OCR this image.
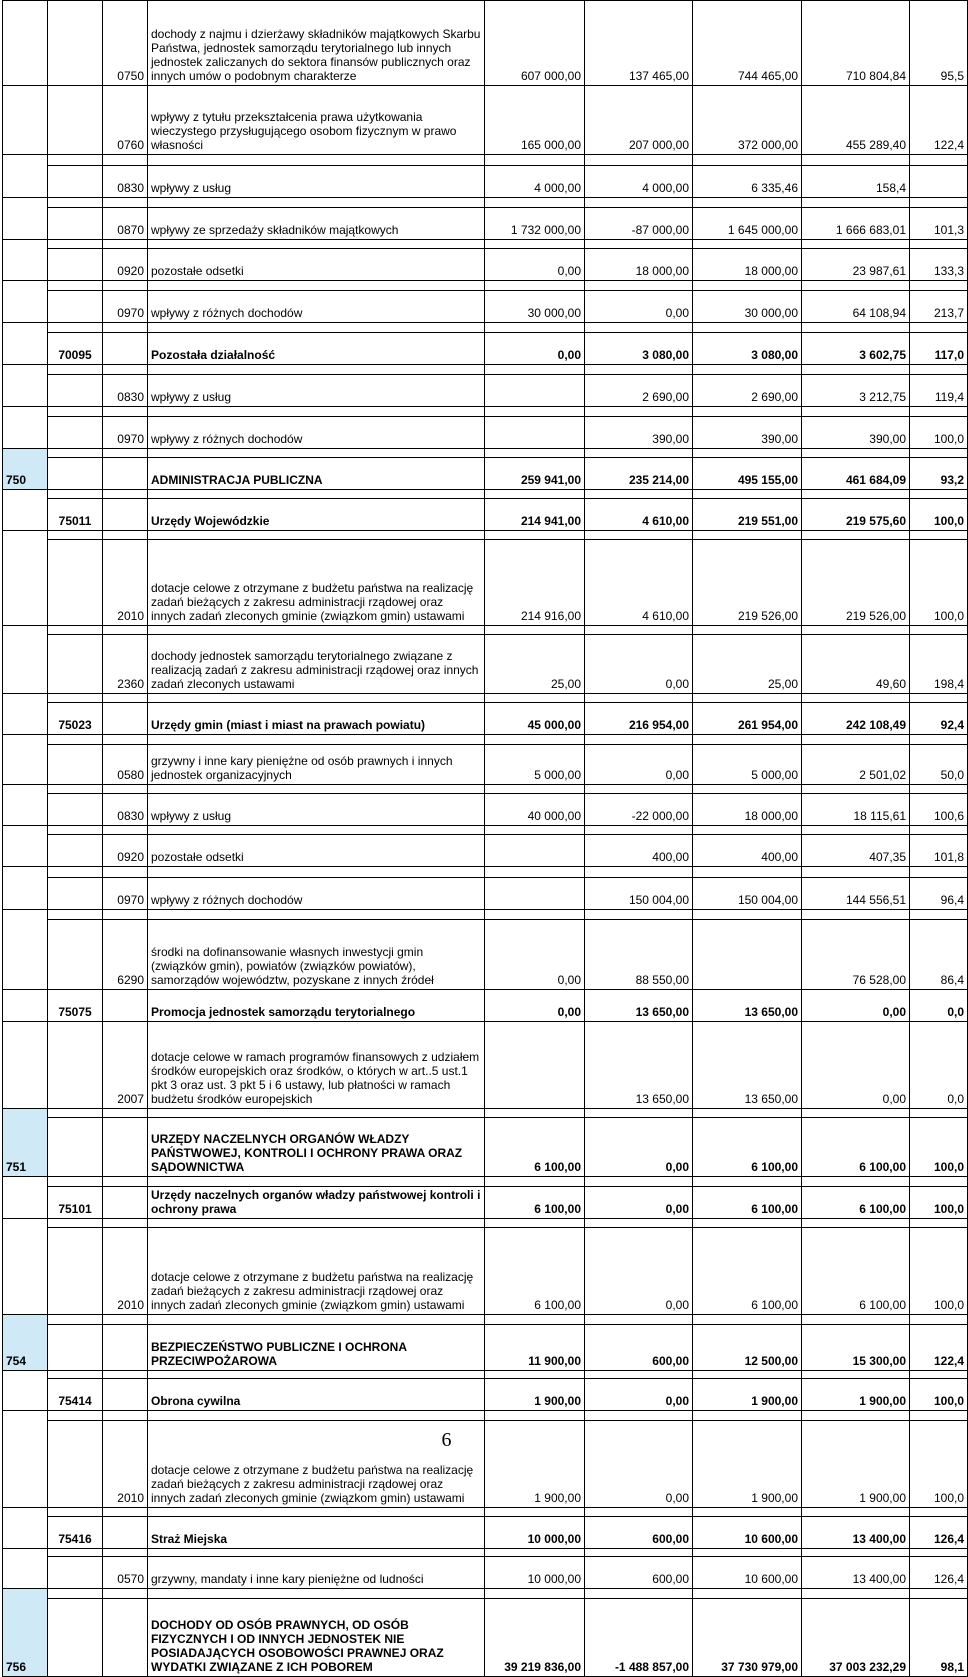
		0750	dochody z najmu i dzierżawy składników majątkowych Skarbu Państwa, jednostek samorządu terytorialnego lub innych jednostek zaliczanych do sektora finansów publicznych oraz innych umów o podobnym charakterze	607 000,00	137 465,00	744 465,00	710 804,84	95,5
		0760	wpływy z tytułu przekształcenia prawa użytkowania wieczystego przysługującego osobom fizycznym w prawo własności	165 000,00	207 000,00	372 000,00	455 289,40	122,4

		0830	wpływy z usług	4 000,00	4 000,00	6 335,46	158,4	

		0870	wpływy ze sprzedaży składników majątkowych	1 732 000,00	-87 000,00	1 645 000,00	1 666 683,01	101,3

		0920	pozostałe odsetki	0,00	18 000,00	18 000,00	23 987,61	133,3

		0970	wpływy z różnych dochodów	30 000,00	0,00	30 000,00	64 108,94	213,7

	70095		Pozostała działalność	0,00	3 080,00	3 080,00	3 602,75	117,0

		0830	wpływy z usług		2 690,00	2 690,00	3 212,75	119,4

		0970	wpływy z różnych dochodów		390,00	390,00	390,00	100,0

750			ADMINISTRACJA PUBLICZNA	259 941,00	235 214,00	495 155,00	461 684,09	93,2

	75011		Urzędy Wojewódzkie	214 941,00	4 610,00	219 551,00	219 575,60	100,0

		2010	dotacje celowe z otrzymane z budżetu państwa na realizację zadań bieżących z zakresu administracji rządowej oraz innych zadań zleconych gminie (związkom gmin) ustawami	214 916,00	4 610,00	219 526,00	219 526,00	100,0

		2360	dochody jednostek samorządu terytorialnego związane z realizacją zadań z zakresu administracji rządowej oraz innych zadań zleconych ustawami	25,00	0,00	25,00	49,60	198,4

	75023		Urzędy gmin (miast i miast na prawach powiatu)	45 000,00	216 954,00	261 954,00	242 108,49	92,4

		0580	grzywny i inne kary pieniężne od osób prawnych i innych jednostek organizacyjnych	5 000,00	0,00	5 000,00	2 501,02	50,0

		0830	wpływy z usług	40 000,00	-22 000,00	18 000,00	18 115,61	100,6

		0920	pozostałe odsetki		400,00	400,00	407,35	101,8

		0970	wpływy z różnych dochodów		150 004,00	150 004,00	144 556,51	96,4

		6290	środki na dofinansowanie własnych inwestycji gmin (związków gmin), powiatów (związków powiatów), samorządów województw, pozyskane z innych źródeł	0,00	88 550,00		76 528,00	86,4
	75075		Promocja jednostek samorządu terytorialnego	0,00	13 650,00	13 650,00	0,00	0,0
		2007	dotacje celowe w ramach programów finansowych z udziałem środków europejskich oraz środków, o których w art..5 ust.1 pkt 3 oraz ust. 3 pkt 5 i 6 ustawy, lub płatności w ramach budżetu środków europejskich		13 650,00	13 650,00	0,00	0,0

751			URZĘDY NACZELNYCH ORGANÓW WŁADZY PAŃSTWOWEJ, KONTROLI I OCHRONY PRAWA ORAZ SĄDOWNICTWA	6 100,00	0,00	6 100,00	6 100,00	100,0

	75101		Urzędy naczelnych organów władzy państwowej kontroli i ochrony prawa	6 100,00	0,00	6 100,00	6 100,00	100,0

		2010	dotacje celowe z otrzymane z budżetu państwa na realizację zadań bieżących z zakresu administracji rządowej oraz innych zadań zleconych gminie (związkom gmin) ustawami	6 100,00	0,00	6 100,00	6 100,00	100,0

754			BEZPIECZEŃSTWO PUBLICZNE I OCHRONA PRZECIWPOŻAROWA	11 900,00	600,00	12 500,00	15 300,00	122,4

	75414		Obrona cywilna	1 900,00	0,00	1 900,00	1 900,00	100,0

		2010	dotacje celowe z otrzymane z budżetu państwa na realizację zadań bieżących z zakresu administracji rządowej oraz innych zadań zleconych gminie (związkom gmin) ustawami	1 900,00	0,00	1 900,00	1 900,00	100,0

	75416		Straż Miejska	10 000,00	600,00	10 600,00	13 400,00	126,4

		0570	grzywny, mandaty i inne kary pieniężne od ludności	10 000,00	600,00	10 600,00	13 400,00	126,4

756			DOCHODY OD OSÓB PRAWNYCH, OD OSÓB FIZYCZNYCH I OD INNYCH JEDNOSTEK NIE POSIADAJĄCYCH OSOBOWOŚCI PRAWNEJ ORAZ WYDATKI ZWIĄZANE Z ICH POBOREM	39 219 836,00	-1 488 857,00	37 730 979,00	37 003 232,29	98,1
6
